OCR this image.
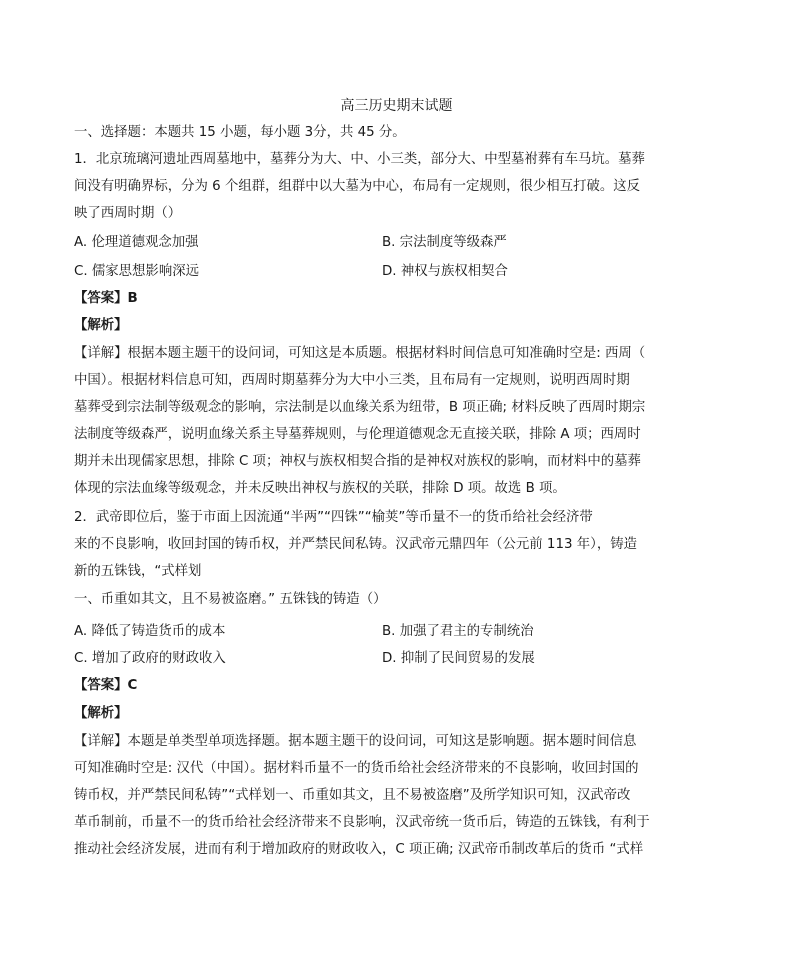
高三历史期末试题
一、选择题：本题共 15 小题，每小题 3分，共 45 分。
1．北京琉璃河遗址西周墓地中，墓葬分为大、中、小三类，部分大、中型墓祔葬有车马坑。墓葬
间没有明确界标，分为 6 个组群，组群中以大墓为中心，布局有一定规则，很少相互打破。这反
映了西周时期（）
A. 伦理道德观念加强	B. 宗法制度等级森严
C. 儒家思想影响深远	D. 神权与族权相契合
【答案】B
【解析】
【详解】根据本题主题干的设问词，可知这是本质题。根据材料时间信息可知准确时空是: 西周（
中国）。根据材料信息可知，西周时期墓葬分为大中小三类，且布局有一定规则，说明西周时期
墓葬受到宗法制等级观念的影响，宗法制是以血缘关系为纽带，B 项正确; 材料反映了西周时期宗
法制度等级森严，说明血缘关系主导墓葬规则，与伦理道德观念无直接关联，排除 A 项；西周时
期并未出现儒家思想，排除 C 项；神权与族权相契合指的是神权对族权的影响，而材料中的墓葬
体现的宗法血缘等级观念，并未反映出神权与族权的关联，排除 D 项。故选 B 项。
2．武帝即位后，鉴于市面上因流通“半两”“四铢”“榆荚”等币量不一的货币给社会经济带
来的不良影响，收回封国的铸币权，并严禁民间私铸。汉武帝元鼎四年（公元前 113 年），铸造
新的五铢钱，“式样划
一、币重如其文，且不易被盗磨。” 五铢钱的铸造（）
A. 降低了铸造货币的成本	B. 加强了君主的专制统治
C. 增加了政府的财政收入	D. 抑制了民间贸易的发展
【答案】C
【解析】
【详解】本题是单类型单项选择题。据本题主题干的设问词，可知这是影响题。据本题时间信息
可知准确时空是: 汉代（中国）。据材料币量不一的货币给社会经济带来的不良影响，收回封国的
铸币权，并严禁民间私铸”“式样划一、币重如其文，且不易被盗磨”及所学知识可知，汉武帝改
革币制前，币量不一的货币给社会经济带来不良影响，汉武帝统一货币后，铸造的五铢钱，有利于
推动社会经济发展，进而有利于增加政府的财政收入，C 项正确; 汉武帝币制改革后的货币 “式样
